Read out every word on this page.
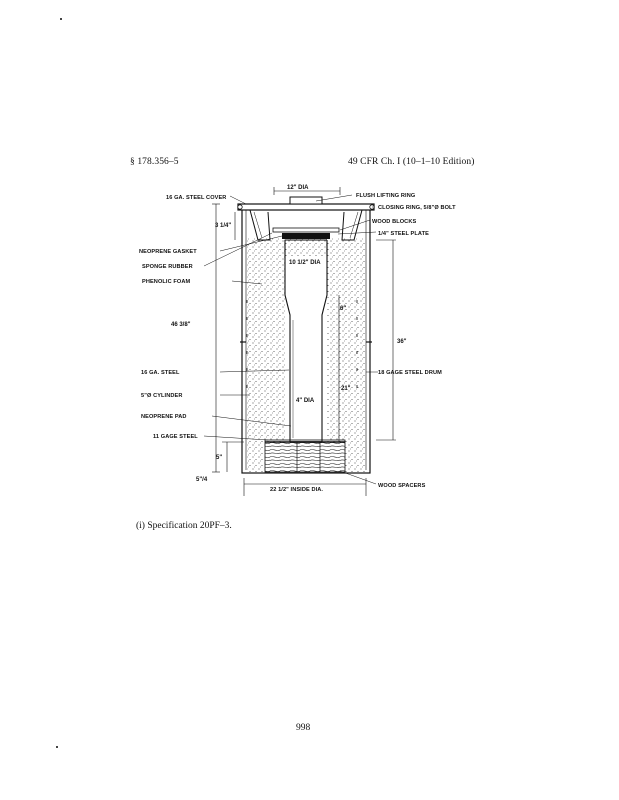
§ 178.356–5	49 CFR Ch. I (10–1–10 Edition)
12" DIA
16 GA. STEEL COVER	FLUSH LIFTING RING
CLOSING RING, 5/8"Ø BOLT
WOOD BLOCKS
1/4" STEEL PLATE
NEOPRENE GASKET
SPONGE RUBBER
PHENOLIC FOAM
10 1/2" DIA
6"
46 3/8"
36"
3 1/4"
16 GA. STEEL	18 GAGE STEEL DRUM
5"Ø CYLINDER
4" DIA
21"
NEOPRENE PAD
11 GAGE STEEL
5"
5"/4
22 1/2" INSIDE DIA.
WOOD SPACERS
(i) Specification 20PF–3.
998
